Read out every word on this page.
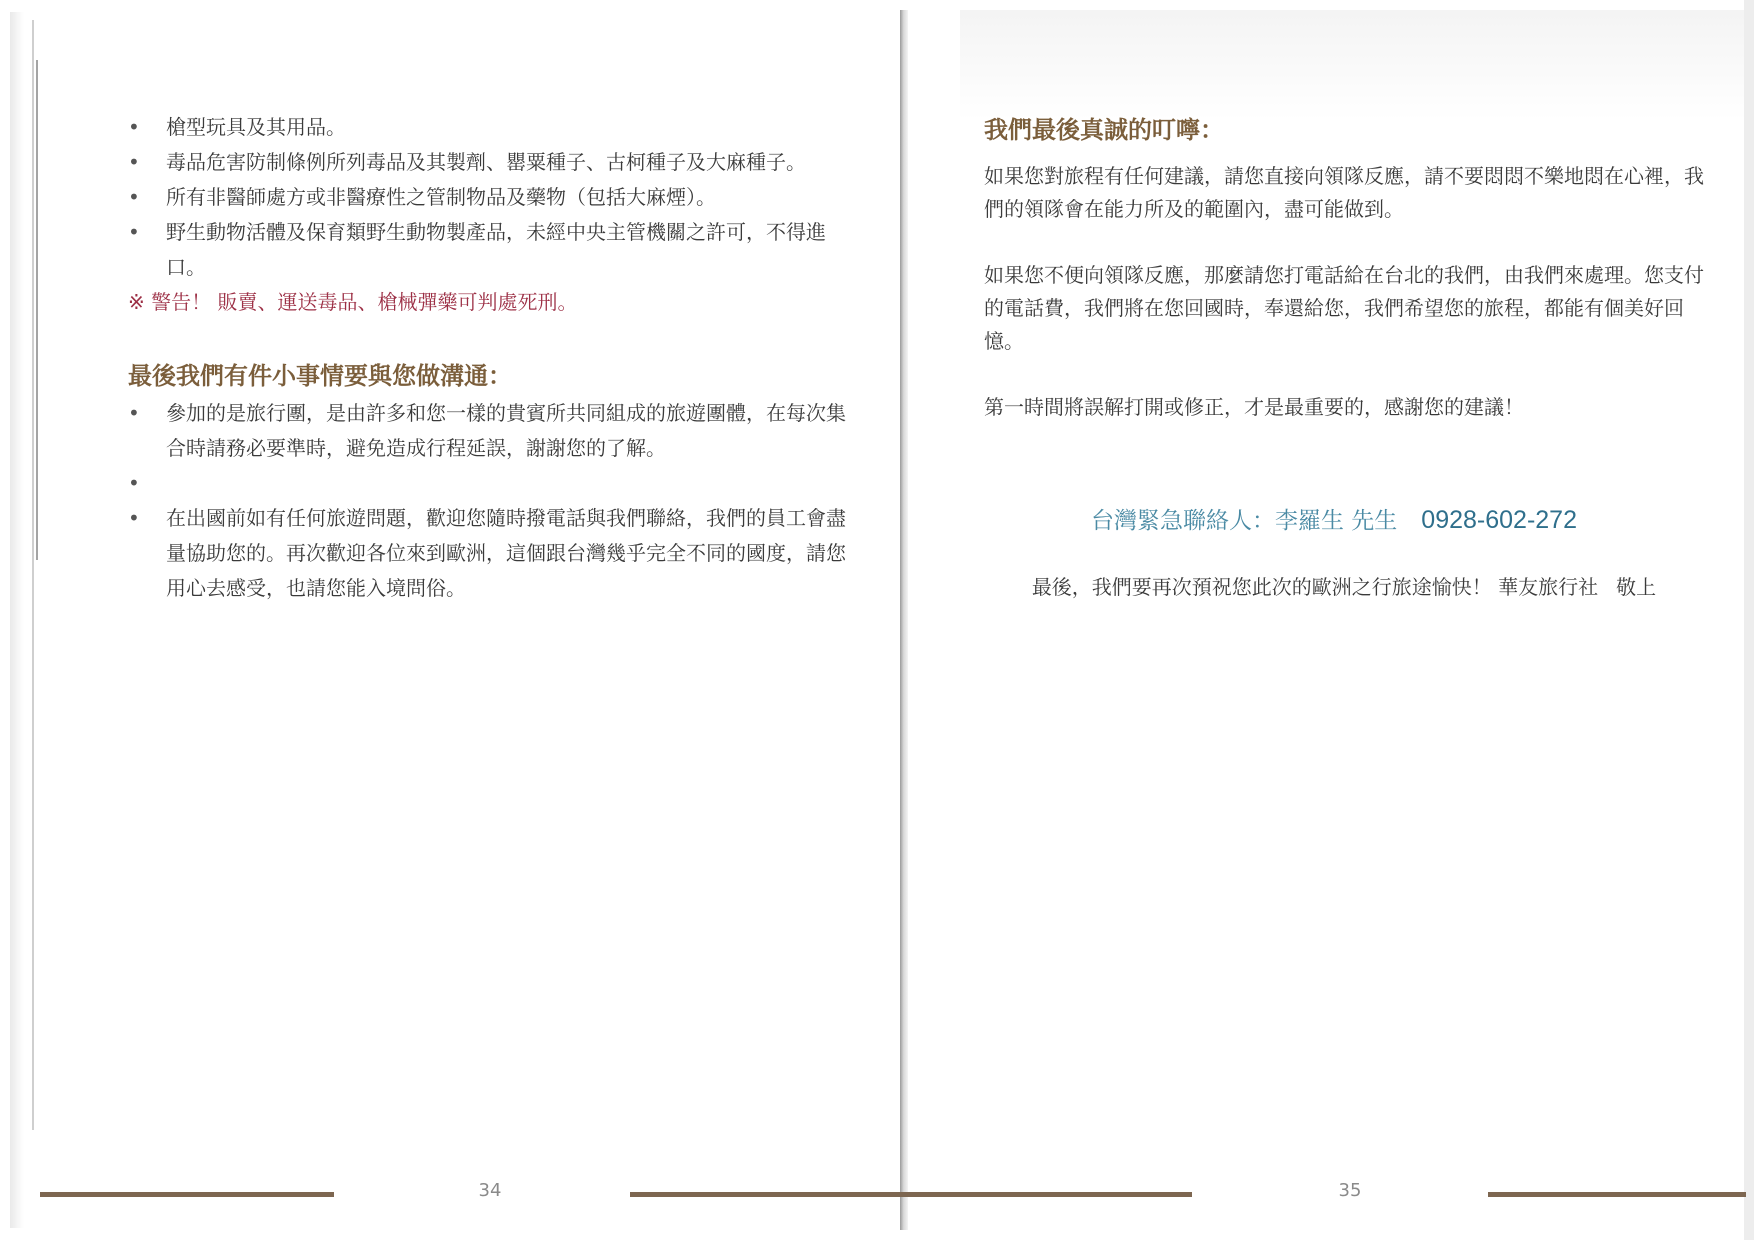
•	槍型玩具及其用品。
•	毒品危害防制條例所列毒品及其製劑、罌粟種子、古柯種子及大麻種子。
•	所有非醫師處方或非醫療性之管制物品及藥物（包括大麻煙）。
•	野生動物活體及保育類野生動物製產品，未經中央主管機關之許可，不得進口。

※ 警告！ 販賣、運送毒品、槍械彈藥可判處死刑。

最後我們有件小事情要與您做溝通：
•	參加的是旅行團，是由許多和您一樣的貴賓所共同組成的旅遊團體，在每次集合時請務必要準時，避免造成行程延誤，謝謝您的了解。
•
•	在出國前如有任何旅遊問題，歡迎您隨時撥電話與我們聯絡，我們的員工會盡量協助您的。再次歡迎各位來到歐洲，這個跟台灣幾乎完全不同的國度，請您用心去感受，也請您能入境問俗。
我們最後真誠的叮嚀：

如果您對旅程有任何建議，請您直接向領隊反應，請不要悶悶不樂地悶在心裡，我們的領隊會在能力所及的範圍內，盡可能做到。

如果您不便向領隊反應，那麼請您打電話給在台北的我們，由我們來處理。您支付的電話費，我們將在您回國時，奉還給您，我們希望您的旅程，都能有個美好回憶。

第一時間將誤解打開或修正，才是最重要的，感謝您的建議！

台灣緊急聯絡人：李羅生 先生 0928-602-272
最後，我們要再次預祝您此次的歐洲之行旅途愉快！ 華友旅行社 敬上
34	35
